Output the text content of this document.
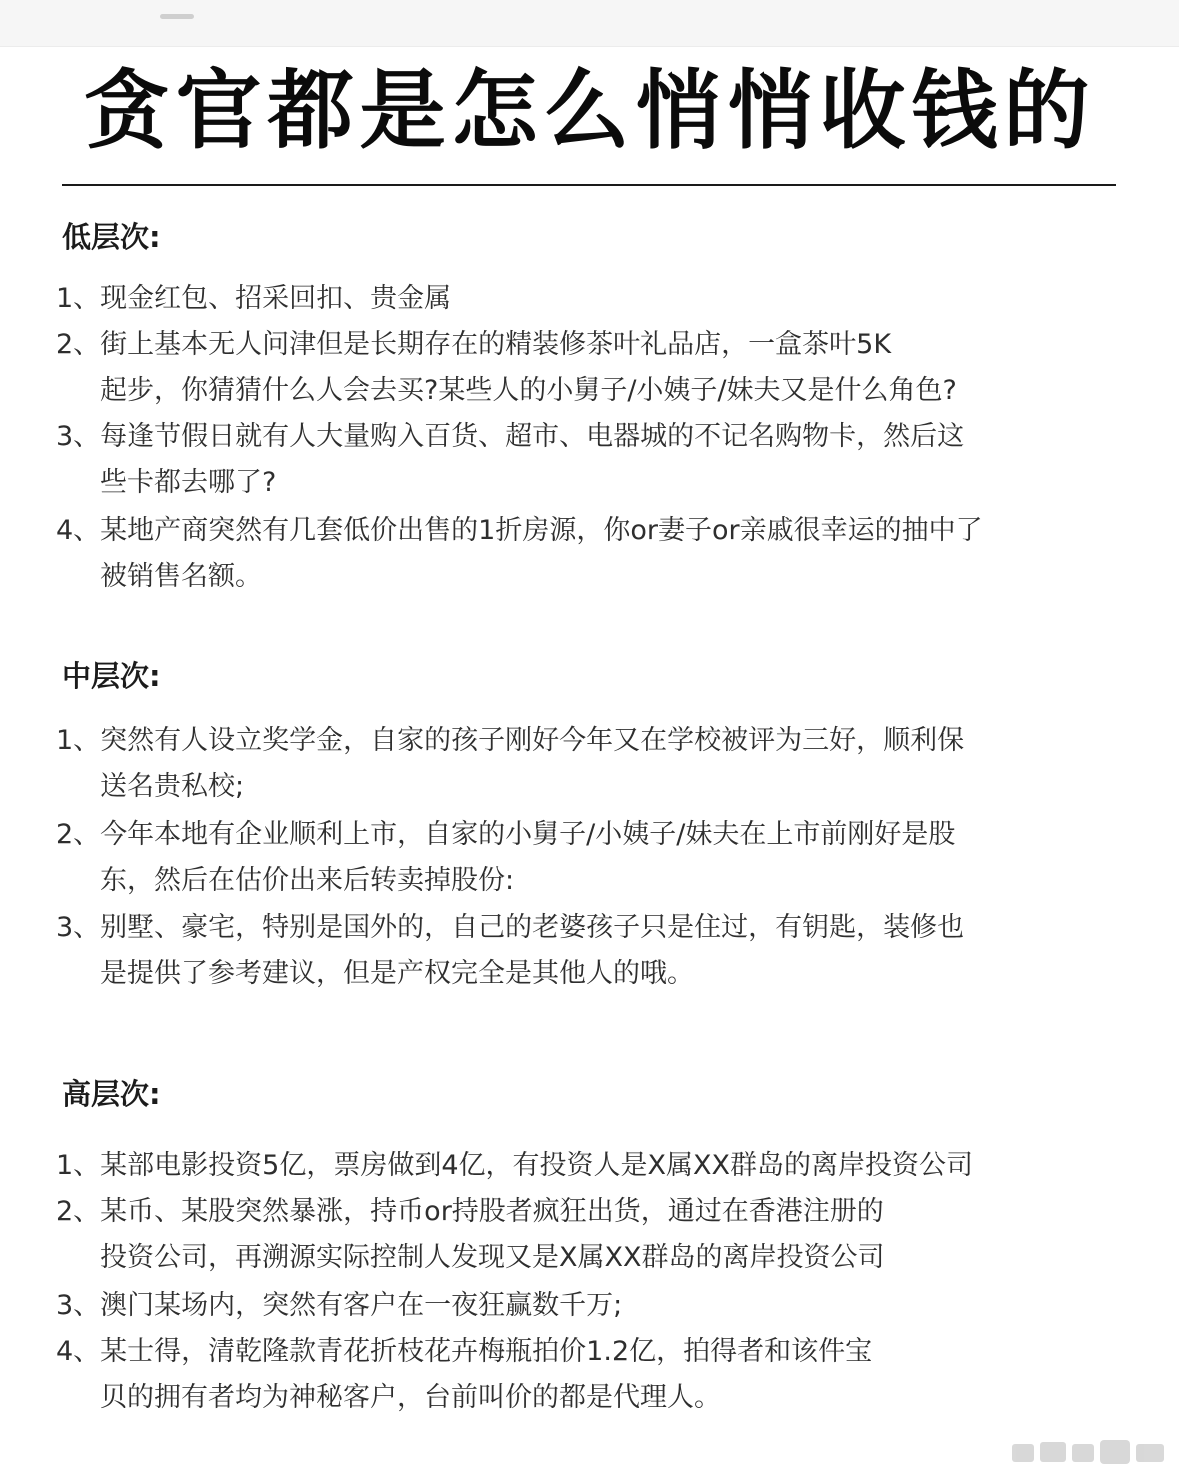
贪官都是怎么悄悄收钱的
低层次:
1、现金红包、招采回扣、贵金属
2、街上基本无人问津但是长期存在的精装修茶叶礼品店，一盒茶叶5K
起步，你猜猜什么人会去买?某些人的小舅子/小姨子/妹夫又是什么角色?
3、每逢节假日就有人大量购入百货、超市、电器城的不记名购物卡，然后这
些卡都去哪了?
4、某地产商突然有几套低价出售的1折房源，你or妻子or亲戚很幸运的抽中了
被销售名额。
中层次:
1、突然有人设立奖学金，自家的孩子刚好今年又在学校被评为三好，顺利保
送名贵私校;
2、今年本地有企业顺利上市，自家的小舅子/小姨子/妹夫在上市前刚好是股
东，然后在估价出来后转卖掉股份:
3、别墅、豪宅，特别是国外的，自己的老婆孩子只是住过，有钥匙，装修也
是提供了参考建议，但是产权完全是其他人的哦。
高层次:
1、某部电影投资5亿，票房做到4亿，有投资人是X属XX群岛的离岸投资公司
2、某币、某股突然暴涨，持币or持股者疯狂出货，通过在香港注册的
投资公司，再溯源实际控制人发现又是X属XX群岛的离岸投资公司
3、澳门某场内，突然有客户在一夜狂赢数千万;
4、某士得，清乾隆款青花折枝花卉梅瓶拍价1.2亿，拍得者和该件宝
贝的拥有者均为神秘客户，台前叫价的都是代理人。
